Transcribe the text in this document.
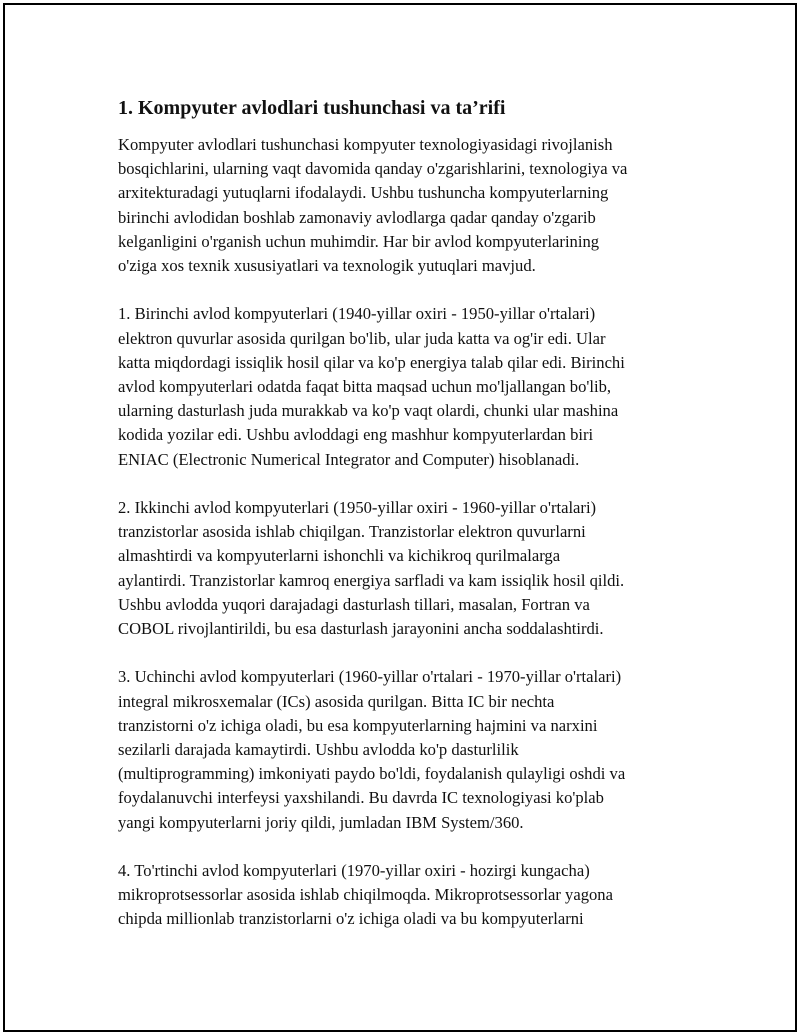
1. Kompyuter avlodlari tushunchasi va ta’rifi

Kompyuter avlodlari tushunchasi kompyuter texnologiyasidagi rivojlanish
bosqichlarini, ularning vaqt davomida qanday o'zgarishlarini, texnologiya va
arxitekturadagi yutuqlarni ifodalaydi. Ushbu tushuncha kompyuterlarning
birinchi avlodidan boshlab zamonaviy avlodlarga qadar qanday o'zgarib
kelganligini o'rganish uchun muhimdir. Har bir avlod kompyuterlarining
o'ziga xos texnik xususiyatlari va texnologik yutuqlari mavjud.

1. Birinchi avlod kompyuterlari (1940-yillar oxiri - 1950-yillar o'rtalari)
elektron quvurlar asosida qurilgan bo'lib, ular juda katta va og'ir edi. Ular
katta miqdordagi issiqlik hosil qilar va ko'p energiya talab qilar edi. Birinchi
avlod kompyuterlari odatda faqat bitta maqsad uchun mo'ljallangan bo'lib,
ularning dasturlash juda murakkab va ko'p vaqt olardi, chunki ular mashina
kodida yozilar edi. Ushbu avloddagi eng mashhur kompyuterlardan biri
ENIAC (Electronic Numerical Integrator and Computer) hisoblanadi.

2. Ikkinchi avlod kompyuterlari (1950-yillar oxiri - 1960-yillar o'rtalari)
tranzistorlar asosida ishlab chiqilgan. Tranzistorlar elektron quvurlarni
almashtirdi va kompyuterlarni ishonchli va kichikroq qurilmalarga
aylantirdi. Tranzistorlar kamroq energiya sarfladi va kam issiqlik hosil qildi.
Ushbu avlodda yuqori darajadagi dasturlash tillari, masalan, Fortran va
COBOL rivojlantirildi, bu esa dasturlash jarayonini ancha soddalashtirdi.

3. Uchinchi avlod kompyuterlari (1960-yillar o'rtalari - 1970-yillar o'rtalari)
integral mikrosxemalar (ICs) asosida qurilgan. Bitta IC bir nechta
tranzistorni o'z ichiga oladi, bu esa kompyuterlarning hajmini va narxini
sezilarli darajada kamaytirdi. Ushbu avlodda ko'p dasturlilik
(multiprogramming) imkoniyati paydo bo'ldi, foydalanish qulayligi oshdi va
foydalanuvchi interfeysi yaxshilandi. Bu davrda IC texnologiyasi ko'plab
yangi kompyuterlarni joriy qildi, jumladan IBM System/360.

4. To'rtinchi avlod kompyuterlari (1970-yillar oxiri - hozirgi kungacha)
mikroprotsessorlar asosida ishlab chiqilmoqda. Mikroprotsessorlar yagona
chipda millionlab tranzistorlarni o'z ichiga oladi va bu kompyuterlarni
